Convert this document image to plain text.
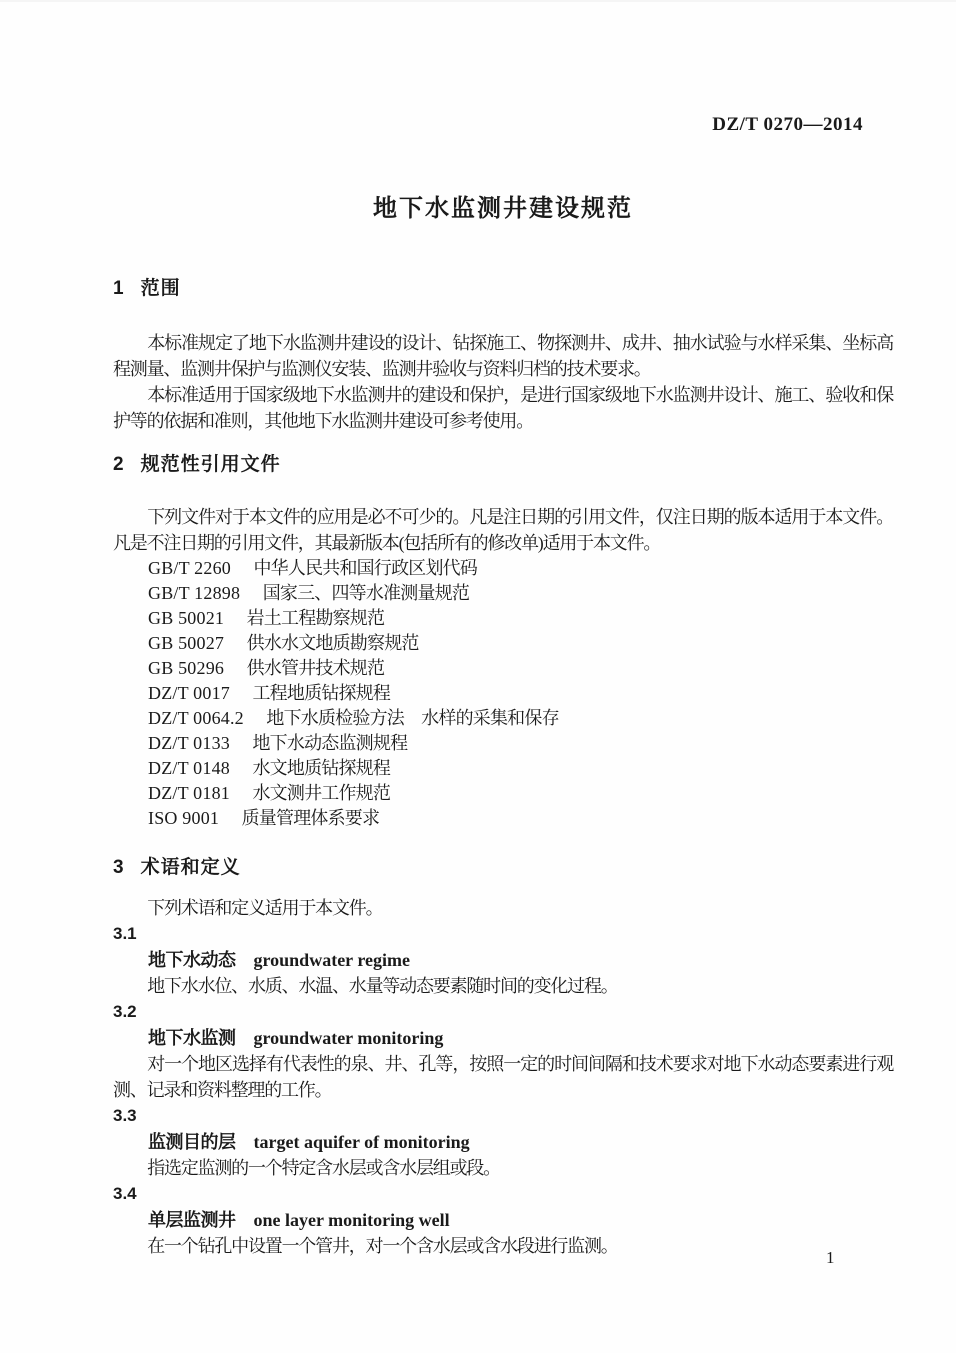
DZ/T 0270—2014
地下水监测井建设规范
1 范围

本标准规定了地下水监测井建设的设计、钻探施工、物探测井、成井、抽水试验与水样采集、坐标高程测量、监测井保护与监测仪安装、监测井验收与资料归档的技术要求。

本标准适用于国家级地下水监测井的建设和保护，是进行国家级地下水监测井设计、施工、验收和保护等的依据和准则，其他地下水监测井建设可参考使用。

2 规范性引用文件

下列文件对于本文件的应用是必不可少的。凡是注日期的引用文件，仅注日期的版本适用于本文件。凡是不注日期的引用文件，其最新版本(包括所有的修改单)适用于本文件。

GB/T 2260 中华人民共和国行政区划代码
GB/T 12898 国家三、四等水准测量规范
GB 50021 岩土工程勘察规范
GB 50027 供水水文地质勘察规范
GB 50296 供水管井技术规范
DZ/T 0017 工程地质钻探规程
DZ/T 0064.2 地下水质检验方法　水样的采集和保存
DZ/T 0133 地下水动态监测规程
DZ/T 0148 水文地质钻探规程
DZ/T 0181 水文测井工作规范
ISO 9001 质量管理体系要求
3 术语和定义

下列术语和定义适用于本文件。

3.1
地下水动态 groundwater regime

地下水水位、水质、水温、水量等动态要素随时间的变化过程。

3.2
地下水监测 groundwater monitoring

对一个地区选择有代表性的泉、井、孔等，按照一定的时间间隔和技术要求对地下水动态要素进行观测、记录和资料整理的工作。

3.3
监测目的层 target aquifer of monitoring

指选定监测的一个特定含水层或含水层组或段。

3.4
单层监测井 one layer monitoring well

在一个钻孔中设置一个管井，对一个含水层或含水段进行监测。

1
